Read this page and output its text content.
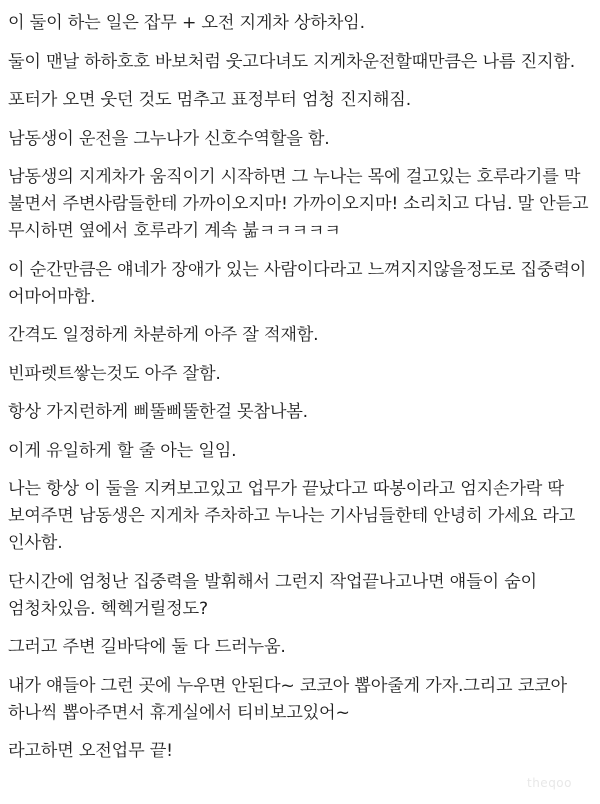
이 둘이 하는 일은 잡무 + 오전 지게차 상하차임.

둘이 맨날 하하호호 바보처럼 웃고다녀도 지게차운전할때만큼은 나름 진지함.

포터가 오면 웃던 것도 멈추고 표정부터 엄청 진지해짐.

남동생이 운전을 그누나가 신호수역할을 함.

남동생의 지게차가 움직이기 시작하면 그 누나는 목에 걸고있는 호루라기를 막 불면서 주변사람들한테 가까이오지마! 가까이오지마! 소리치고 다님. 말 안듣고 무시하면 옆에서 호루라기 계속 붊ㅋㅋㅋㅋㅋ

이 순간만큼은 얘네가 장애가 있는 사람이다라고 느껴지지않을정도로 집중력이 어마어마함.

간격도 일정하게 차분하게 아주 잘 적재함.

빈파렛트쌓는것도 아주 잘함.

항상 가지런하게 삐뚤삐뚤한걸 못참나봄.

이게 유일하게 할 줄 아는 일임.

나는 항상 이 둘을 지켜보고있고 업무가 끝났다고 따봉이라고 엄지손가락 딱 보여주면 남동생은 지게차 주차하고 누나는 기사님들한테 안녕히 가세요 라고 인사함.

단시간에 엄청난 집중력을 발휘해서 그런지 작업끝나고나면 얘들이 숨이 엄청차있음. 헥헥거릴정도?

그러고 주변 길바닥에 둘 다 드러누움.

내가 얘들아 그런 곳에 누우면 안된다~ 코코아 뽑아줄게 가자.그리고 코코아 하나씩 뽑아주면서 휴게실에서 티비보고있어~

라고하면 오전업무 끝!

theqoo
